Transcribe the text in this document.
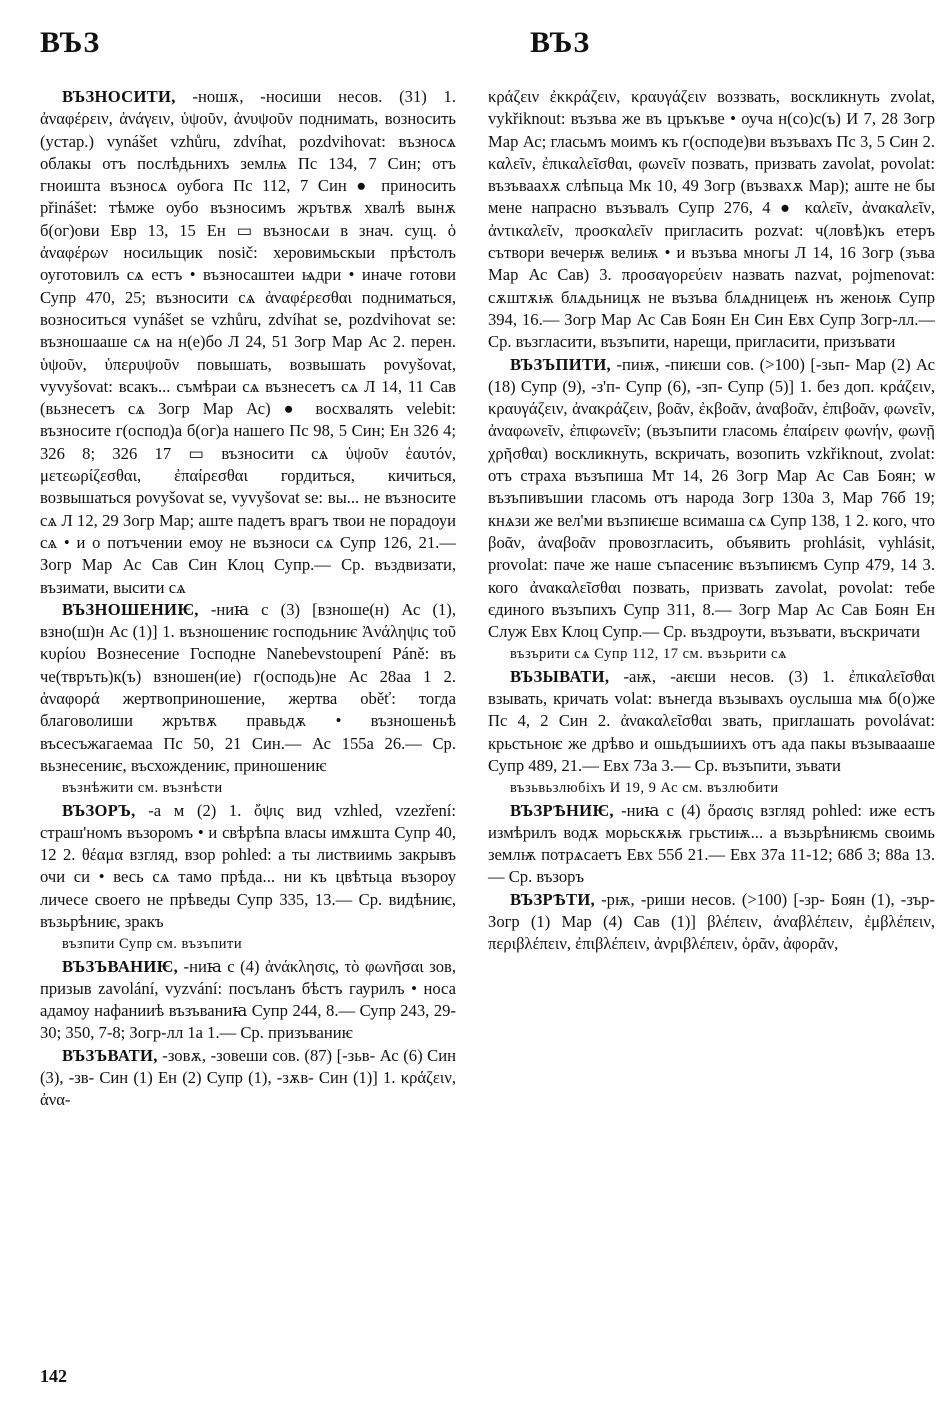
ВЪЗ	ВЪЗ

ВЪЗНОСИТИ, -ношѫ, -носиши несов. (31) 1. ἀναφέρειν, ἀνάγειν, ὑψοῦν, ἀνυψοῦν поднимать, возносить (устар.) vynášet vzhůru, zdvíhat, pozdvihovat: възносѧ облакы отъ послѣдьнихъ землѩ Пс 134, 7 Син; отъ гноишта възносѧ оубога Пс 112, 7 Син ● приносить přinášet: тѣмже оубо възносимъ жрътвѫ хвалѣ вынѫ б(ог)ови Евр 13, 15 Ен ▭ възносѧи в знач. сущ. ὁ ἀναφέρων носильщик nosič: херовимьскыи прѣстолъ оуготовилъ сѧ естъ • възносаштеи ѩдри • иначе готови Супр 470, 25; възносити сѧ ἀναφέρεσθαι подниматься, возноситься vynášet se vzhůru, zdvíhat se, pozdvihovat se: възношааше сѧ на н(е)бо Л 24, 51 Зогр Мар Ас 2. перен. ὑψοῦν, ὑπερυψοῦν повышать, возвышать povyšovat, vyvyšovat: всакъ... съмѣраи сѧ възнесетъ сѧ Л 14, 11 Сав (вьзнесетъ сѧ Зогр Мар Ас) ● восхвалять velebit: възносите г(оспод)а б(ог)а нашего Пс 98, 5 Син; Ен 326 4; 326 8; 326 17 ▭ възносити сѧ ὑψοῦν ἑαυτόν, μετεωρίζεσθαι, ἐπαίρεσθαι гордиться, кичиться, возвышаться povyšovat se, vyvyšovat se: вы... не възносите сѧ Л 12, 29 Зогр Мар; аште падетъ врагъ твои не порадоуи сѧ • и о потъчении емоу не възноси сѧ Супр 126, 21.— Зогр Мар Ас Сав Син Клоц Супр.— Ср. въздвизати, възимати, высити сѧ

ВЪЗНОШЕНИѤ, -ниꙗ с (3) [взноше(н) Ас (1), взно(ш)н Ас (1)] 1. възношениѥ господьниѥ Ἀνάληψις τοῦ κυρίου Вознесение Господне Nanebevstoupení Páně: въ че(твръть)к(ъ) взношен(ие) г(осподь)не Ас 28аа 1 2. ἀναφορά жертвоприношение, жертва oběť: тогда благоволиши жрътвѫ правьдѫ • възношеньѣ въсесъжагаемаа Пс 50, 21 Син.— Ас 155а 26.— Ср. вьзнесениѥ, въсхождениѥ, приношениѥ

възнѣжити см. възнѣсти

ВЪЗОРЪ, -а м (2) 1. ὄψις вид vzhled, vzezření: страш'номъ възоромъ • и свѣрѣпа власы имѫшта Супр 40, 12 2. θέαμα взгляд, взор pohled: а ты листвиимь закрывъ очи си • весь сѧ тамо прѣда... ни къ цвѣтьца възороу личесе своего не прѣведы Супр 335, 13.— Ср. видѣниѥ, възьрѣниѥ, зракъ

възпити Супр см. възъпити

ВЪЗЪВАНИѤ, -ниꙗ с (4) ἀνάκλησις, τὸ φωνῆσαι зов, призыв zavolání, vyzvání: посъланъ бѣстъ гаурилъ • носа адамоу нафанииѣ възъваниꙗ Супр 244, 8.— Супр 243, 29-30; 350, 7-8; Зогр-лл 1а 1.— Ср. призъваниѥ

ВЪЗЪВАТИ, -зовѫ, -зовеши сов. (87) [-зьв- Ас (6) Син (3), -зв- Син (1) Ен (2) Супр (1), -зѫв- Син (1)] 1. κράζειν, ἀνα-

κράζειν ἐκκράζειν, κραυγάζειν воззвать, воскликнуть zvolat, vykřiknout: възъва же въ цръкъве • оуча н(со)с(ъ) И 7, 28 Зогр Мар Ас; гласьмъ моимъ къ г(осподе)ви възъвахъ Пс 3, 5 Син 2. καλεῖν, ἐπικαλεῖσθαι, φωνεῖν позвать, призвать zavolat, povolat: възъваахѫ слѣпьца Мк 10, 49 Зогр (възвахѫ Мар); аште не бы мене напрасно възъвалъ Супр 276, 4 ● καλεῖν, ἀνακαλεῖν, ἀντικαλεῖν, προσκαλεῖν пригласить pozvat: ч(ловѣ)къ етеръ сътвори вечерѭ велиѭ • и възъва многы Л 14, 16 Зогр (зъва Мар Ас Сав) 3. προσαγορεύειν назвать nazvat, pojmenovat: сѫштѫѭ блѧдьницѫ не възъва блѧдницеѭ нъ женоѭ Супр 394, 16.— Зогр Мар Ас Сав Боян Ен Син Евх Супр Зогр-лл.— Ср. възгласити, възъпити, нарещи, пригласити, призъвати

ВЪЗЪПИТИ, -пиѭ, -пиѥши сов. (>100) [-зьп- Мар (2) Ас (18) Супр (9), -з'п- Супр (6), -зп- Супр (5)] 1. без доп. κράζειν, κραυγάζειν, ἀνακράζειν, βοᾶν, ἐκβοᾶν, ἀναβοᾶν, ἐπιβοᾶν, φωνεῖν, ἀναφωνεῖν, ἐπιφωνεῖν; (възъпити гласомь ἐπαίρειν φωνήν, φωνῇ χρῆσθαι) воскликнуть, вскричать, возопить vzkřiknout, zvolat: отъ страха възъпиша Мт 14, 26 Зогр Мар Ас Сав Боян; ѡ възъпивъшии гласомь отъ народа Зогр 130а 3, Мар 76б 19; кнѧзи же вел'ми възпиѥше всимаша сѧ Супр 138, 1 2. кого, что βοᾶν, ἀναβοᾶν провозгласить, объявить prohlásit, vyhlásit, provolat: паче же наше съпасениѥ възъпиѥмъ Супр 479, 14 3. кого ἀνακαλεῖσθαι позвать, призвать zavolat, povolat: тебе єдиного възъпихъ Супр 311, 8.— Зогр Мар Ас Сав Боян Ен Служ Евх Клоц Супр.— Ср. въздроути, възъвати, въскричати

възърити сѧ Супр 112, 17 см. възьрити сѧ

ВЪЗЫВАТИ, -аѭ, -аѥши несов. (3) 1. ἐπικαλεῖσθαι взывать, кричать volat: вънегда възывахъ оуслыша мѩ б(о)же Пс 4, 2 Син 2. ἀνακαλεῖσθαι звать, приглашать povolávat: крьстьноѥ же дрѣво и ошьдъшиихъ отъ ада пакы възываааше Супр 489, 21.— Евх 73а 3.— Ср. възъпити, зъвати

възьвьзлюбіхъ И 19, 9 Ас см. възлюбити

ВЪЗРѢНИѤ, -ниꙗ с (4) ὅρασις взгляд pohled: иже естъ измѣрилъ водѫ морьскѫѭ грьстиѭ... а възьрѣниѥмь своимь землѭ потрѧсаетъ Евх 55б 21.— Евх 37а 11-12; 68б 3; 88а 13.— Ср. възоръ

ВЪЗРѢТИ, -рѭ, -риши несов. (>100) [-зр- Боян (1), -зър- Зогр (1) Мар (4) Сав (1)] βλέπειν, ἀναβλέπειν, ἐμβλέπειν, περιβλέπειν, ἐπιβλέπειν, ἀνριβλέπειν, ὁρᾶν, ἀφορᾶν,

142
